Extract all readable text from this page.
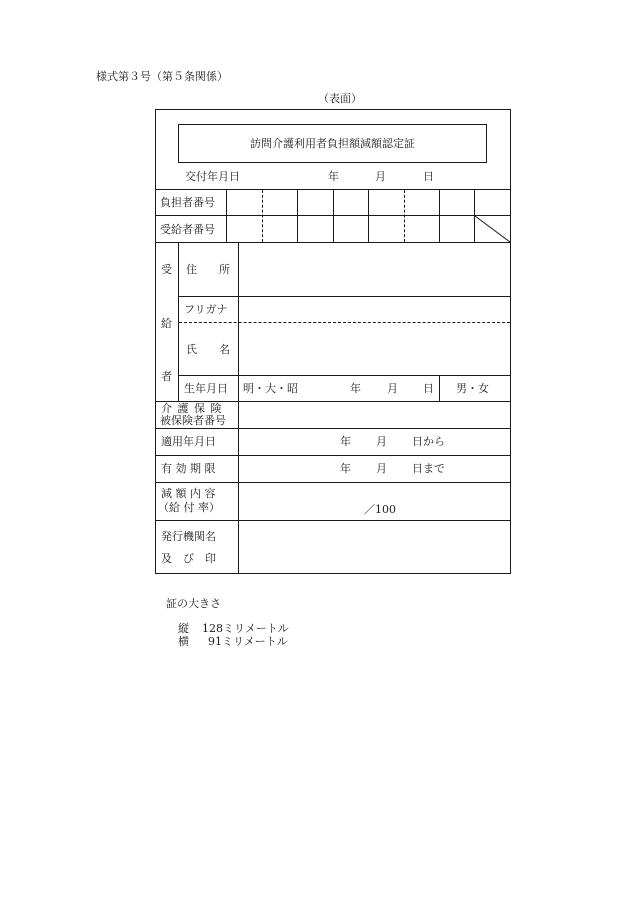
様式第３号（第５条関係）
（表面）
訪問介護利用者負担額減額認定証
交付年月日	年	月	日
負担者番号
受給者番号
受
給
者
住　　所
フリガナ
氏　　名
生年月日 明・大・昭	年 月 日 男・女
介 護 保 険
被保険者番号
適用年月日	年 月 日から
有 効 期 限	年 月 日まで
減 額 内 容
（給 付 率）	／100
発行機関名
及　び　印
証の大きさ
縦 128ミリメートル
横 91ミリメートル
